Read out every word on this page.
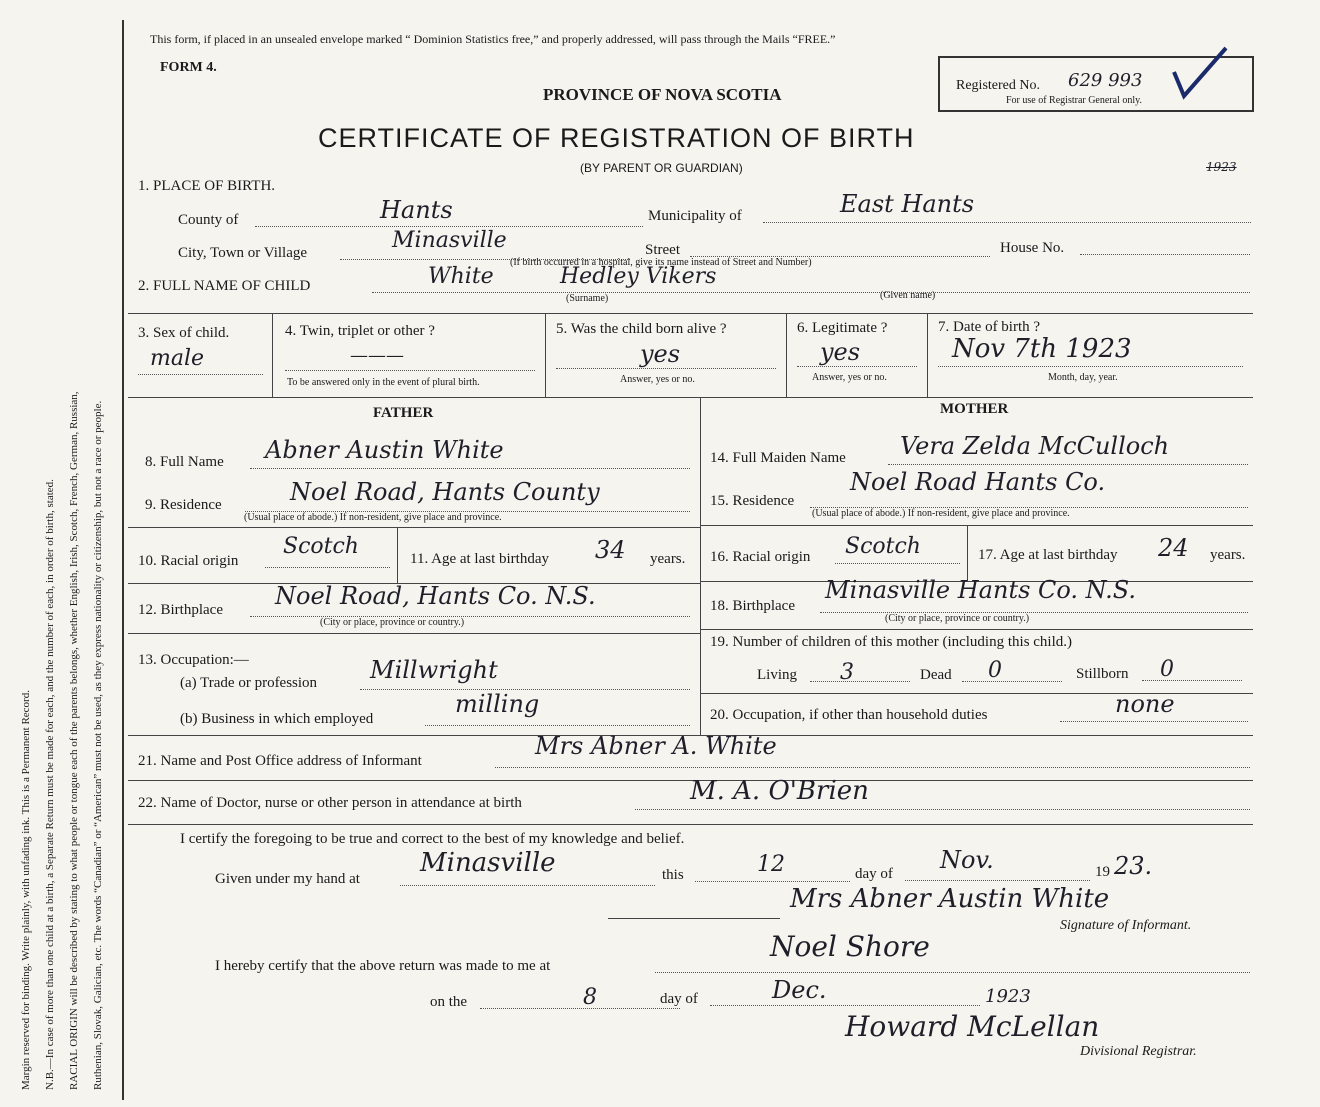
Margin reserved for binding. Write plainly, with unfading ink. This is a Permanent Record.	N.B.—In case of more than one child at a birth, a Separate Return must be made for each, and the number of each, in order of birth, stated.	RACIAL ORIGIN will be described by stating to what people or tongue each of the parents belongs, whether English, Irish, Scotch, French, German, Russian,	Ruthenian, Slovak, Galician, etc. The words “Canadian” or “American” must not be used, as they express nationality or citizenship, but not a race or people.
This form, if placed in an unsealed envelope marked “ Dominion Statistics free,” and properly addressed, will pass through the Mails “FREE.”
FORM 4.
PROVINCE OF NOVA SCOTIA
CERTIFICATE OF REGISTRATION OF BIRTH
(BY PARENT OR GUARDIAN)
Registered No. 629 993
For use of Registrar General only.
1923
1. PLACE OF BIRTH.
County of	Hants	Municipality of	East Hants
City, Town or Village	Minasville	Street	House No.
(If birth occurred in a hospital, give its name instead of Street and Number)
2. FULL NAME OF CHILD	White	Hedley Vikers
(Surname)	(Given name)
3. Sex of child.
male
4. Twin, triplet or other ?
———
To be answered only in the event of plural birth.
5. Was the child born alive ?
yes
Answer, yes or no.
6. Legitimate ?
yes
Answer, yes or no.
7. Date of birth ?
Nov 7th 1923
Month, day, year.
FATHER	MOTHER
8. Full Name Abner Austin White
9. Residence	Noel Road, Hants County
(Usual place of abode.) If non-resident, give place and province.
10. Racial origin
Scotch	11. Age at last birthday 34 years.
12. Birthplace Noel Road, Hants Co. N.S.
(City or place, province or country.)
13. Occupation:—
(a) Trade or profession Millwright
(b) Business in which employed
milling
14. Full Maiden Name Vera Zelda McCulloch
15. Residence
Noel Road Hants Co.
(Usual place of abode.) If non-resident, give place and province.
16. Racial origin Scotch	17. Age at last birthday 24 years.
18. Birthplace
Minasville Hants Co. N.S.
(City or place, province or country.)
19. Number of children of this mother (including this child.)
Living 3	Dead 0	Stillborn 0
20. Occupation, if other than household duties	none
21. Name and Post Office address of Informant
Mrs Abner A. White
22. Name of Doctor, nurse or other person in attendance at birth	M. A. O'Brien
I certify the foregoing to be true and correct to the best of my knowledge and belief.
Given under my hand at
Minasville	this	12	day of Nov.	19 23.
Mrs Abner Austin White
Signature of Informant.
I hereby certify that the above return was made to me at
Noel Shore
on the	8	day of	Dec.	1923
Howard McLellan
Divisional Registrar.
